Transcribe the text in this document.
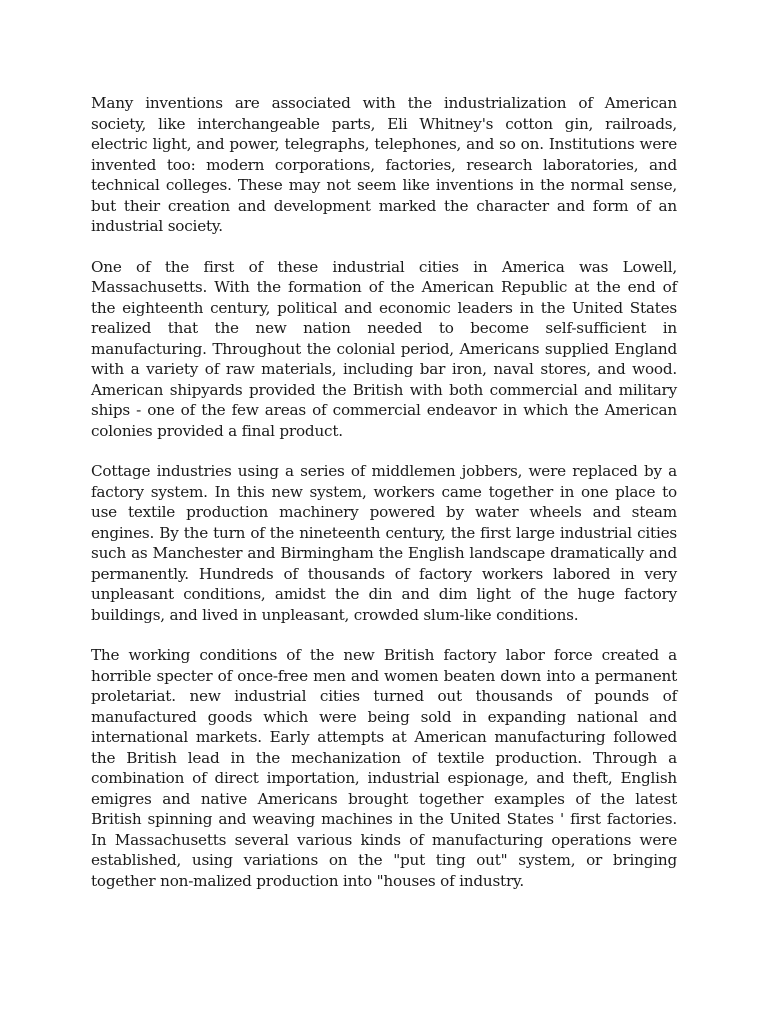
Many inventions are associated with the industrialization of American society, like interchangeable parts, Eli Whitney's cotton gin, railroads, electric light, and power, telegraphs, telephones, and so on. Institutions were invented too: modern corporations, factories, research laboratories, and technical colleges. These may not seem like inventions in the normal sense, but their creation and development marked the character and form of an industrial society.

One of the first of these industrial cities in America was Lowell, Massachusetts. With the formation of the American Republic at the end of the eighteenth century, political and economic leaders in the United States realized that the new nation needed to become self-sufficient in manufacturing. Throughout the colonial period, Americans supplied England with a variety of raw materials, including bar iron, naval stores, and wood. American shipyards provided the British with both commercial and military ships - one of the few areas of commercial endeavor in which the American colonies provided a final product.

Cottage industries using a series of middlemen jobbers, were replaced by a factory system. In this new system, workers came together in one place to use textile production machinery powered by water wheels and steam engines. By the turn of the nineteenth century, the first large industrial cities such as Manchester and Birmingham the English landscape dramatically and permanently. Hundreds of thousands of factory workers labored in very unpleasant conditions, amidst the din and dim light of the huge factory buildings, and lived in unpleasant, crowded slum-like conditions.

The working conditions of the new British factory labor force created a horrible specter of once-free men and women beaten down into a permanent proletariat. new industrial cities turned out thousands of pounds of manufactured goods which were being sold in expanding national and international markets. Early attempts at American manufacturing followed the British lead in the mechanization of textile production. Through a combination of direct importation, industrial espionage, and theft, English emigres and native Americans brought together examples of the latest British spinning and weaving machines in the United States ' first factories. In Massachusetts several various kinds of manufacturing operations were established, using variations on the "put ting out" system, or bringing together non-malized production into "houses of industry.
